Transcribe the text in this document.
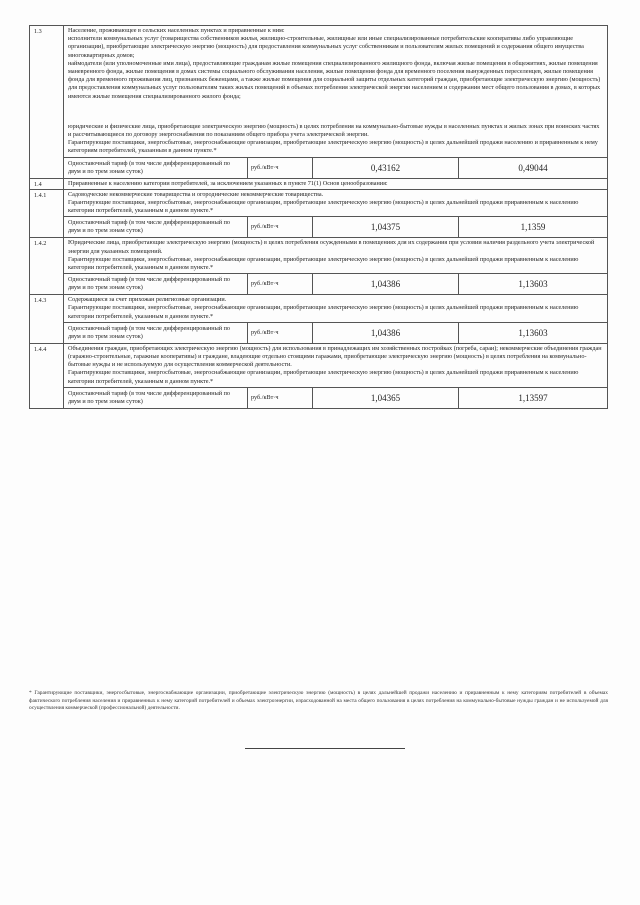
1.3	Население, проживающее в сельских населенных пунктах и приравненные к ним:

исполнители коммунальных услуг (товарищества собственников жилья, жилищно-строительные, жилищные или иные специализированные потребительские кооперативы либо управляющие организации), приобретающие электрическую энергию (мощность) для предоставления коммунальных услуг собственникам и пользователям жилых помещений и содержания общего имущества многоквартирных домов;

наймодатели (или уполномоченные ими лица), предоставляющие гражданам жилые помещения специализированного жилищного фонда, включая жилые помещения в общежитиях, жилые помещения маневренного фонда, жилые помещения в домах системы социального обслуживания населения, жилые помещения фонда для временного поселения вынужденных переселенцев, жилые помещения фонда для временного проживания лиц, признанных беженцами, а также жилые помещения для социальной защиты отдельных категорий граждан, приобретающие электрическую энергию (мощность) для предоставления коммунальных услуг пользователям таких жилых помещений в объемах потребления электрической энергии населением и содержания мест общего пользования в домах, в которых имеются жилые помещения специализированного жилого фонда;

юридические и физические лица, приобретающие электрическую энергию (мощность) в целях потребления на коммунально-бытовые нужды в населенных пунктах и жилых зонах при воинских частях и рассчитывающиеся по договору энергоснабжения по показаниям общего прибора учета электрической энергии.

Гарантирующие поставщики, энергосбытовые, энергоснабжающие организации, приобретающие электрическую энергию (мощность) в целях дальнейшей продажи населению и приравненным к нему категориям потребителей, указанным в данном пункте.*

Одноставочный тариф (в том числе дифференцированный по двум и по трем зонам суток)	руб./кВт·ч	0,43162	0,49044

1.4	Приравненные к населению категории потребителей, за исключением указанных в пункте 71(1) Основ ценообразования:

1.4.1	Садоводческие некоммерческие товарищества и огороднические некоммерческие товарищества.

Гарантирующие поставщики, энергосбытовые, энергоснабжающие организации, приобретающие электрическую энергию (мощность) в целях дальнейшей продажи приравненным к населению категории потребителей, указанным в данном пункте.*

Одноставочный тариф (в том числе дифференцированный по двум и по трем зонам суток)	руб./кВт·ч	1,04375	1,1359

1.4.2	Юридические лица, приобретающие электрическую энергию (мощность) в целях потребления осужденными в помещениях для их содержания при условии наличия раздельного учета электрической энергии для указанных помещений.

Гарантирующие поставщики, энергосбытовые, энергоснабжающие организации, приобретающие электрическую энергию (мощность) в целях дальнейшей продажи приравненным к населению категории потребителей, указанным в данном пункте.*

Одноставочный тариф (в том числе дифференцированный по двум и по трем зонам суток)	руб./кВт·ч	1,04386	1,13603

1.4.3	Содержащиеся за счет прихожан религиозные организации.

Гарантирующие поставщики, энергосбытовые, энергоснабжающие организации, приобретающие электрическую энергию (мощность) в целях дальнейшей продажи приравненным к населению категории потребителей, указанным в данном пункте.*

Одноставочный тариф (в том числе дифференцированный по двум и по трем зонам суток)	руб./кВт·ч	1,04386	1,13603

1.4.4	Объединения граждан, приобретающих электрическую энергию (мощность) для использования в принадлежащих им хозяйственных постройках (погреба, сараи); некоммерческие объединения граждан (гаражно-строительные, гаражные кооперативы) и граждане, владеющие отдельно стоящими гаражами, приобретающие электрическую энергию (мощность) в целях потребления на коммунально-бытовые нужды и не используемую для осуществления коммерческой деятельности.

Гарантирующие поставщики, энергосбытовые, энергоснабжающие организации, приобретающие электрическую энергию (мощность) в целях дальнейшей продажи приравненным к населению категории потребителей, указанным в данном пункте.*

Одноставочный тариф (в том числе дифференцированный по двум и по трем зонам суток)	руб./кВт·ч	1,04365	1,13597
* Гарантирующие поставщики, энергосбытовые, энергоснабжающие организации, приобретающие электрическую энергию (мощность) в целях дальнейшей продажи населению и приравненным к нему категориям потребителей в объемах фактического потребления населения и приравненных к нему категорий потребителей и объемах электроэнергии, израсходованной на места общего пользования в целях потребления на коммунально-бытовые нужды граждан и не используемой для осуществления коммерческой (профессиональной) деятельности.
